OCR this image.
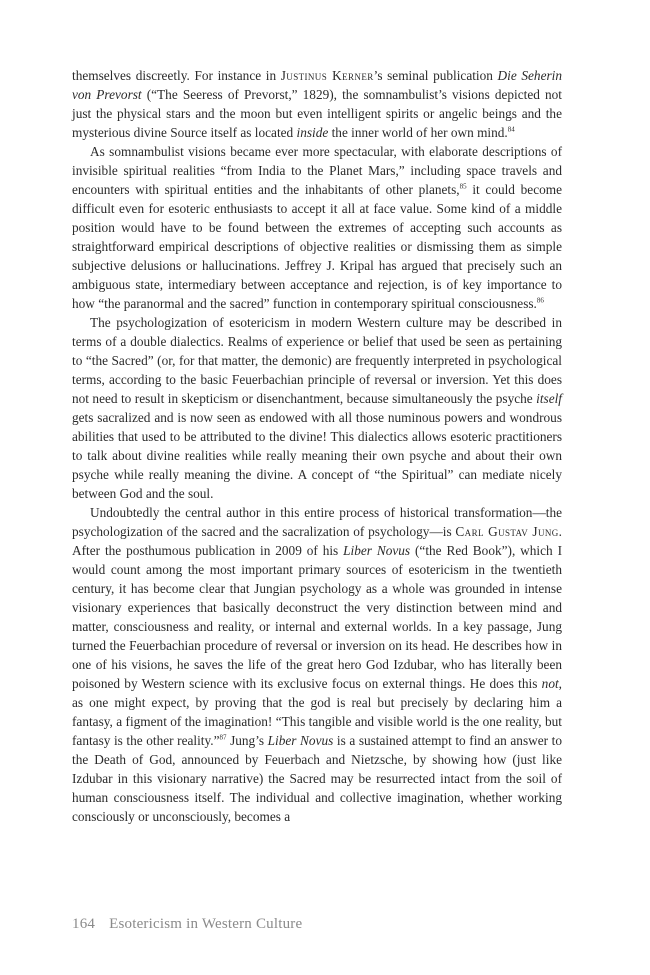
themselves discreetly. For instance in Justinus Kerner’s seminal publication Die Seherin von Prevorst (“The Seeress of Prevorst,” 1829), the somnambulist’s visions depicted not just the physical stars and the moon but even intelligent spirits or angelic beings and the mysterious divine Source itself as located inside the inner world of her own mind.$^{84}$

As somnambulist visions became ever more spectacular, with elaborate descriptions of invisible spiritual realities “from India to the Planet Mars,” including space travels and encounters with spiritual entities and the inhabitants of other planets,$^{85}$ it could become difficult even for esoteric enthusiasts to accept it all at face value. Some kind of a middle position would have to be found between the extremes of accepting such accounts as straightforward empirical descriptions of objective realities or dismissing them as simple subjective delusions or hallucinations. Jeffrey J. Kripal has argued that precisely such an ambiguous state, intermediary between acceptance and rejection, is of key importance to how “the paranormal and the sacred” function in contemporary spiritual consciousness.$^{86}$

The psychologization of esotericism in modern Western culture may be described in terms of a double dialectics. Realms of experience or belief that used be seen as pertaining to “the Sacred” (or, for that matter, the demonic) are frequently interpreted in psychological terms, according to the basic Feuerbachian principle of reversal or inversion. Yet this does not need to result in skepticism or disenchantment, because simultaneously the psyche itself gets sacralized and is now seen as endowed with all those numinous powers and wondrous abilities that used to be attributed to the divine! This dialectics allows esoteric practitioners to talk about divine realities while really meaning their own psyche and about their own psyche while really meaning the divine. A concept of “the Spiritual” can mediate nicely between God and the soul.

Undoubtedly the central author in this entire process of historical transformation—the psychologization of the sacred and the sacralization of psychology—is Carl Gustav Jung. After the posthumous publication in 2009 of his Liber Novus (“the Red Book”), which I would count among the most important primary sources of esotericism in the twentieth century, it has become clear that Jungian psychology as a whole was grounded in intense visionary experiences that basically deconstruct the very distinction between mind and matter, consciousness and reality, or internal and external worlds. In a key passage, Jung turned the Feuerbachian procedure of reversal or inversion on its head. He describes how in one of his visions, he saves the life of the great hero God Izdubar, who has literally been poisoned by Western science with its exclusive focus on external things. He does this not, as one might expect, by proving that the god is real but precisely by declaring him a fantasy, a figment of the imagination! “This tangible and visible world is the one reality, but fantasy is the other reality.”$^{87}$ Jung’s Liber Novus is a sustained attempt to find an answer to the Death of God, announced by Feuerbach and Nietzsche, by showing how (just like Izdubar in this visionary narrative) the Sacred may be resurrected intact from the soil of human consciousness itself. The individual and collective imagination, whether working consciously or unconsciously, becomes a

164 Esotericism in Western Culture
